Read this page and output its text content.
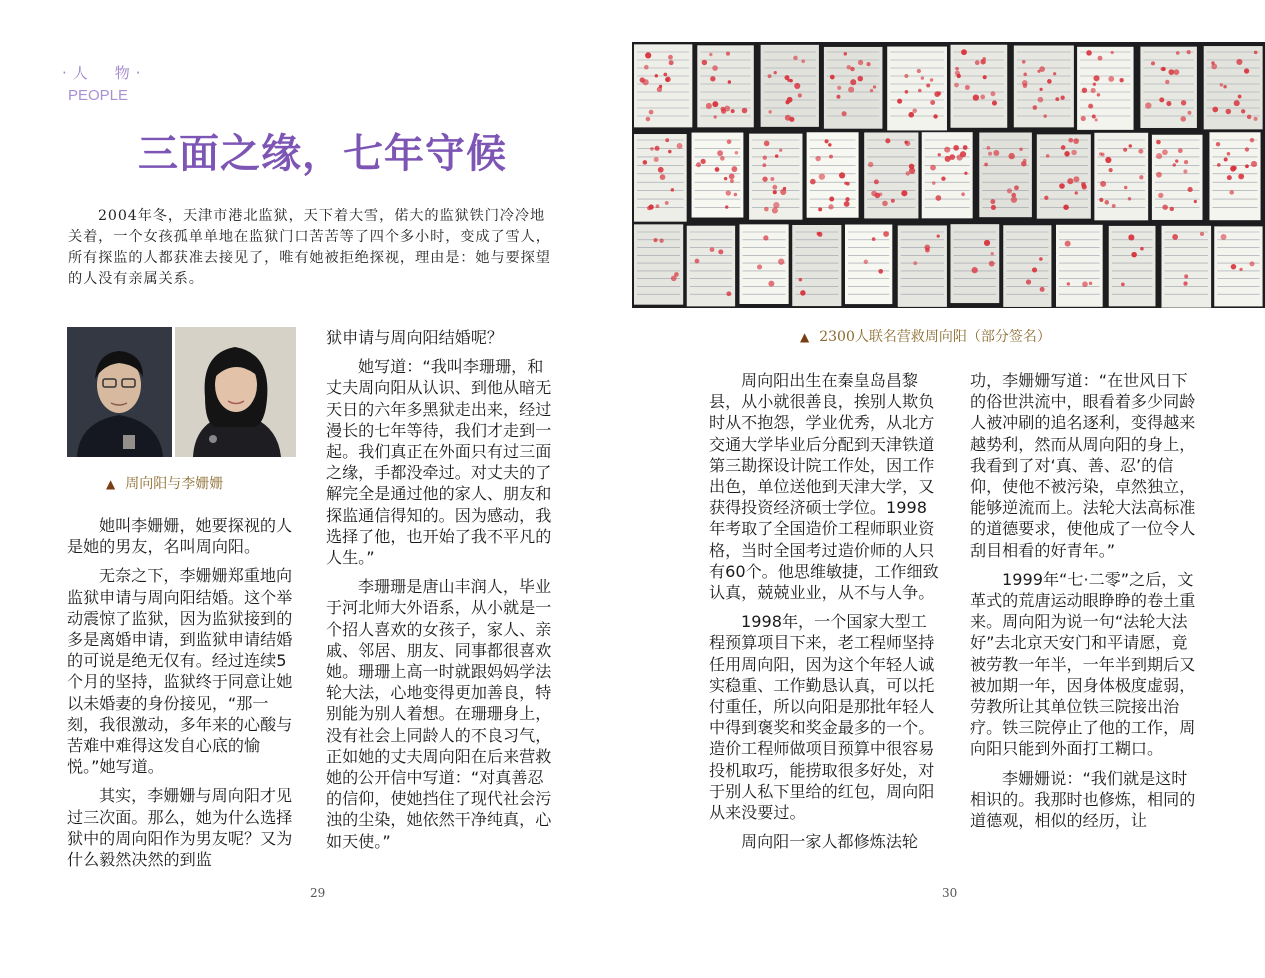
·人　物·
PEOPLE
三面之缘，七年守候

2004年冬，天津市港北监狱，天下着大雪，偌大的监狱铁门冷冷地关着，一个女孩孤单单地在监狱门口苦苦等了四个多小时，变成了雪人，所有探监的人都获准去接见了，唯有她被拒绝探视，理由是：她与要探望的人没有亲属关系。

▲ 周向阳与李姗姗

她叫李姗姗，她要探视的人是她的男友，名叫周向阳。

无奈之下，李姗姗郑重地向监狱申请与周向阳结婚。这个举动震惊了监狱，因为监狱接到的多是离婚申请，到监狱申请结婚的可说是绝无仅有。经过连续5个月的坚持，监狱终于同意让她以未婚妻的身份接见，“那一刻，我很激动，多年来的心酸与苦难中难得这发自心底的愉悦。”她写道。

其实，李姗姗与周向阳才见过三次面。那么，她为什么选择狱中的周向阳作为男友呢？又为什么毅然决然的到监

狱申请与周向阳结婚呢？

她写道：“我叫李珊珊，和丈夫周向阳从认识、到他从暗无天日的六年多黑狱走出来，经过漫长的七年等待，我们才走到一起。我们真正在外面只有过三面之缘，手都没牵过。对丈夫的了解完全是通过他的家人、朋友和探监通信得知的。因为感动，我选择了他，也开始了我不平凡的人生。”

李珊珊是唐山丰润人，毕业于河北师大外语系，从小就是一个招人喜欢的女孩子，家人、亲戚、邻居、朋友、同事都很喜欢她。珊珊上高一时就跟妈妈学法轮大法，心地变得更加善良，特别能为别人着想。在珊珊身上，没有社会上同龄人的不良习气，正如她的丈夫周向阳在后来营救她的公开信中写道：“对真善忍的信仰，使她挡住了现代社会污浊的尘染，她依然干净纯真，心如天使。”

▲ 2300人联名营救周向阳（部分签名）

周向阳出生在秦皇岛昌黎县，从小就很善良，挨别人欺负时从不抱怨，学业优秀，从北方交通大学毕业后分配到天津铁道第三勘探设计院工作处，因工作出色，单位送他到天津大学，又获得投资经济硕士学位。1998年考取了全国造价工程师职业资格，当时全国考过造价师的人只有60个。他思维敏捷，工作细致认真，兢兢业业，从不与人争。

1998年，一个国家大型工程预算项目下来，老工程师坚持任用周向阳，因为这个年轻人诚实稳重、工作勤恳认真，可以托付重任，所以向阳是那批年轻人中得到褒奖和奖金最多的一个。造价工程师做项目预算中很容易投机取巧，能捞取很多好处，对于别人私下里给的红包，周向阳从来没要过。

周向阳一家人都修炼法轮

功，李姗姗写道：“在世风日下的俗世洪流中，眼看着多少同龄人被冲刷的追名逐利，变得越来越势利，然而从周向阳的身上，我看到了对‘真、善、忍’的信仰，使他不被污染，卓然独立，能够逆流而上。法轮大法高标准的道德要求，使他成了一位令人刮目相看的好青年。”

1999年“七·二零”之后，文革式的荒唐运动眼睁睁的卷土重来。周向阳为说一句“法轮大法好”去北京天安门和平请愿，竟被劳教一年半，一年半到期后又被加期一年，因身体极度虚弱，劳教所让其单位铁三院接出治疗。铁三院停止了他的工作，周向阳只能到外面打工糊口。

李姗姗说：“我们就是这时相识的。我那时也修炼，相同的道德观，相似的经历，让

29	30
